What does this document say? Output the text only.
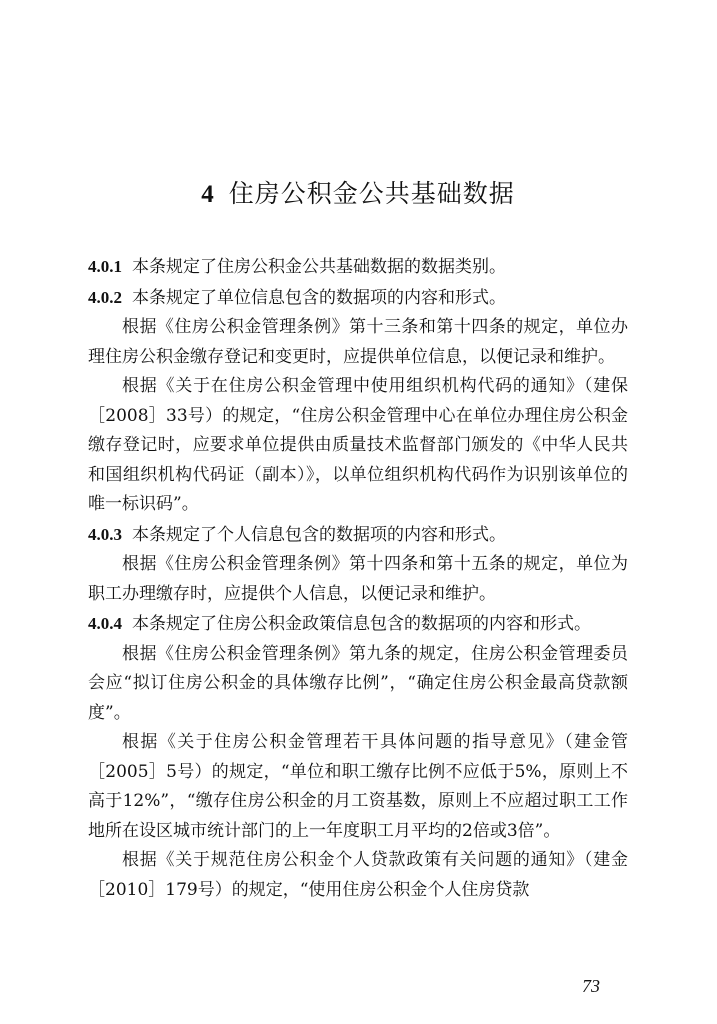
4 住房公积金公共基础数据

4.0.1 本条规定了住房公积金公共基础数据的数据类别。

4.0.2 本条规定了单位信息包含的数据项的内容和形式。

根据《住房公积金管理条例》第十三条和第十四条的规定，单位办理住房公积金缴存登记和变更时，应提供单位信息，以便记录和维护。

根据《关于在住房公积金管理中使用组织机构代码的通知》（建保［2008］33号）的规定，“住房公积金管理中心在单位办理住房公积金缴存登记时，应要求单位提供由质量技术监督部门颁发的《中华人民共和国组织机构代码证（副本）》，以单位组织机构代码作为识别该单位的唯一标识码”。

4.0.3 本条规定了个人信息包含的数据项的内容和形式。

根据《住房公积金管理条例》第十四条和第十五条的规定，单位为职工办理缴存时，应提供个人信息，以便记录和维护。

4.0.4 本条规定了住房公积金政策信息包含的数据项的内容和形式。

根据《住房公积金管理条例》第九条的规定，住房公积金管理委员会应“拟订住房公积金的具体缴存比例”，“确定住房公积金最高贷款额度”。

根据《关于住房公积金管理若干具体问题的指导意见》（建金管［2005］5号）的规定，“单位和职工缴存比例不应低于5%，原则上不高于12%”，“缴存住房公积金的月工资基数，原则上不应超过职工工作地所在设区城市统计部门的上一年度职工月平均的2倍或3倍”。

根据《关于规范住房公积金个人贷款政策有关问题的通知》（建金［2010］179号）的规定，“使用住房公积金个人住房贷款

73
